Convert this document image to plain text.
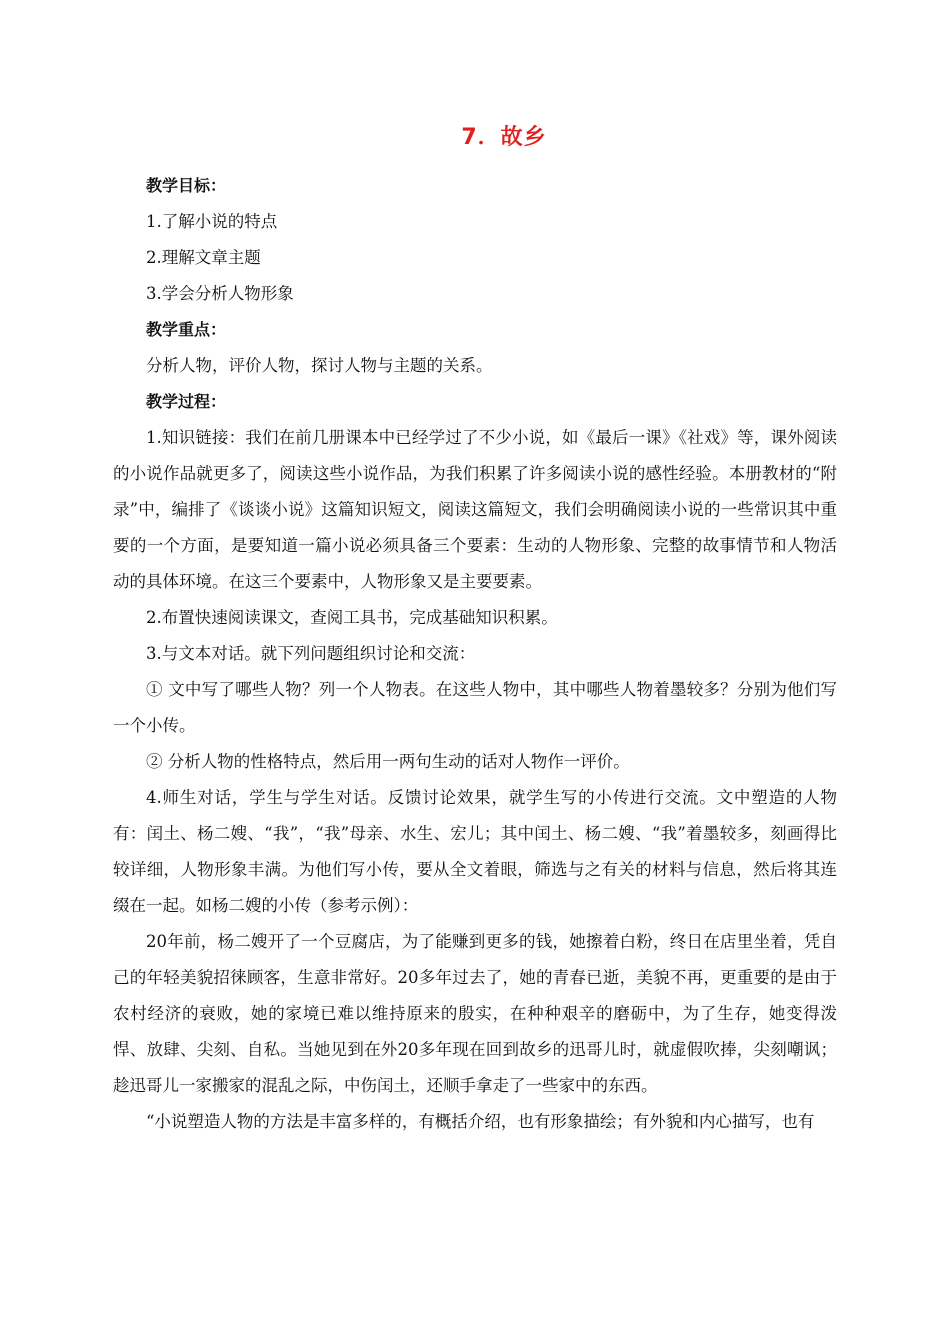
7．故乡

教学目标：

1.了解小说的特点

2.理解文章主题

3.学会分析人物形象

教学重点：

分析人物，评价人物，探讨人物与主题的关系。

教学过程：

1.知识链接：我们在前几册课本中已经学过了不少小说，如《最后一课》《社戏》等，课外阅读的小说作品就更多了，阅读这些小说作品，为我们积累了许多阅读小说的感性经验。本册教材的“附录”中，编排了《谈谈小说》这篇知识短文，阅读这篇短文，我们会明确阅读小说的一些常识其中重要的一个方面，是要知道一篇小说必须具备三个要素：生动的人物形象、完整的故事情节和人物活动的具体环境。在这三个要素中，人物形象又是主要要素。

2.布置快速阅读课文，查阅工具书，完成基础知识积累。

3.与文本对话。就下列问题组织讨论和交流：

① 文中写了哪些人物？列一个人物表。在这些人物中，其中哪些人物着墨较多？分别为他们写一个小传。

② 分析人物的性格特点，然后用一两句生动的话对人物作一评价。

4.师生对话，学生与学生对话。反馈讨论效果，就学生写的小传进行交流。文中塑造的人物有：闰土、杨二嫂、“我”，“我”母亲、水生、宏儿；其中闰土、杨二嫂、“我”着墨较多，刻画得比较详细，人物形象丰满。为他们写小传，要从全文着眼，筛选与之有关的材料与信息，然后将其连缀在一起。如杨二嫂的小传（参考示例）：

20年前，杨二嫂开了一个豆腐店，为了能赚到更多的钱，她擦着白粉，终日在店里坐着，凭自己的年轻美貌招徕顾客，生意非常好。20多年过去了，她的青春已逝，美貌不再，更重要的是由于农村经济的衰败，她的家境已难以维持原来的殷实，在种种艰辛的磨砺中，为了生存，她变得泼悍、放肆、尖刻、自私。当她见到在外20多年现在回到故乡的迅哥儿时，就虚假吹捧，尖刻嘲讽；趁迅哥儿一家搬家的混乱之际，中伤闰土，还顺手拿走了一些家中的东西。

“小说塑造人物的方法是丰富多样的，有概括介绍，也有形象描绘；有外貌和内心描写，也有
